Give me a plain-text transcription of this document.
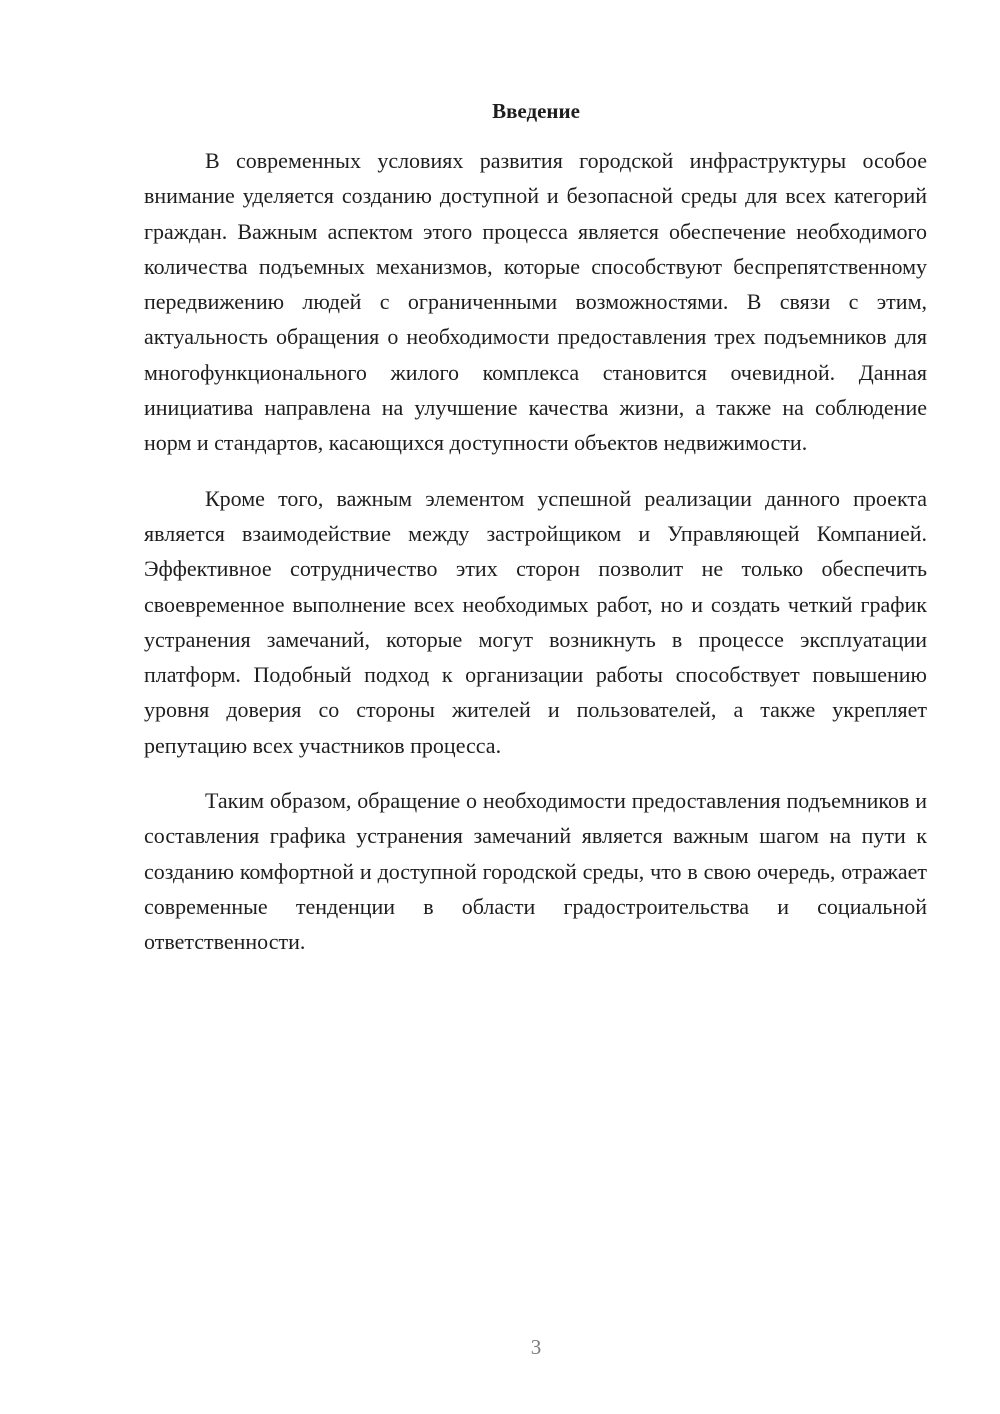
Введение

В современных условиях развития городской инфраструктуры особое внимание уделяется созданию доступной и безопасной среды для всех категорий граждан. Важным аспектом этого процесса является обеспечение необходимого количества подъемных механизмов, которые способствуют беспрепятственному передвижению людей с ограниченными возможностями. В связи с этим, актуальность обращения о необходимости предоставления трех подъемников для многофункционального жилого комплекса становится очевидной. Данная инициатива направлена на улучшение качества жизни, а также на соблюдение норм и стандартов, касающихся доступности объектов недвижимости.

Кроме того, важным элементом успешной реализации данного проекта является взаимодействие между застройщиком и Управляющей Компанией. Эффективное сотрудничество этих сторон позволит не только обеспечить своевременное выполнение всех необходимых работ, но и создать четкий график устранения замечаний, которые могут возникнуть в процессе эксплуатации платформ. Подобный подход к организации работы способствует повышению уровня доверия со стороны жителей и пользователей, а также укрепляет репутацию всех участников процесса.

Таким образом, обращение о необходимости предоставления подъемников и составления графика устранения замечаний является важным шагом на пути к созданию комфортной и доступной городской среды, что в свою очередь, отражает современные тенденции в области градостроительства и социальной ответственности.

3
